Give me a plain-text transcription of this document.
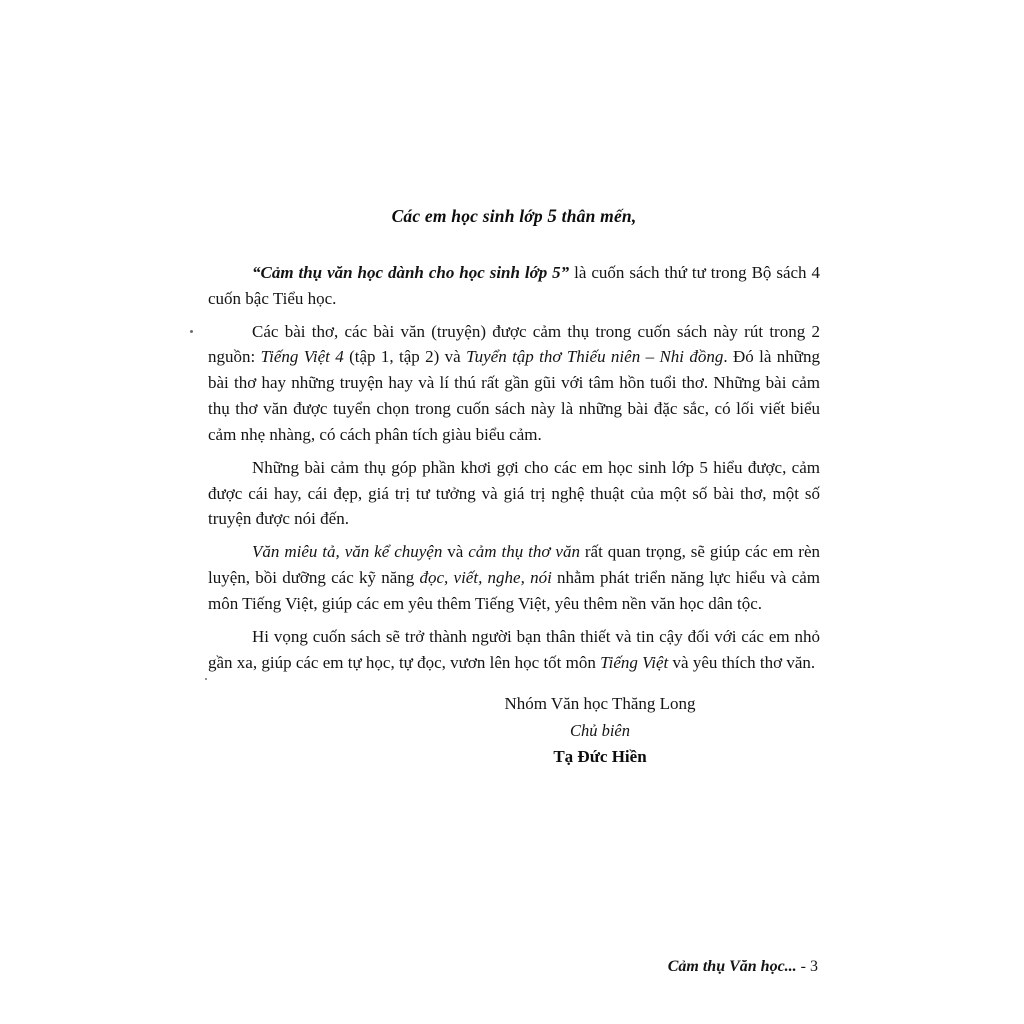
Các em học sinh lớp 5 thân mến,

“Cảm thụ văn học dành cho học sinh lớp 5” là cuốn sách thứ tư trong Bộ sách 4 cuốn bậc Tiểu học.

Các bài thơ, các bài văn (truyện) được cảm thụ trong cuốn sách này rút trong 2 nguồn: Tiếng Việt 4 (tập 1, tập 2) và Tuyển tập thơ Thiếu niên – Nhi đồng. Đó là những bài thơ hay những truyện hay và lí thú rất gần gũi với tâm hồn tuổi thơ. Những bài cảm thụ thơ văn được tuyển chọn trong cuốn sách này là những bài đặc sắc, có lối viết biểu cảm nhẹ nhàng, có cách phân tích giàu biểu cảm.

Những bài cảm thụ góp phần khơi gợi cho các em học sinh lớp 5 hiểu được, cảm được cái hay, cái đẹp, giá trị tư tưởng và giá trị nghệ thuật của một số bài thơ, một số truyện được nói đến.

Văn miêu tả, văn kể chuyện và cảm thụ thơ văn rất quan trọng, sẽ giúp các em rèn luyện, bồi dưỡng các kỹ năng đọc, viết, nghe, nói nhằm phát triển năng lực hiểu và cảm môn Tiếng Việt, giúp các em yêu thêm Tiếng Việt, yêu thêm nền văn học dân tộc.

Hi vọng cuốn sách sẽ trở thành người bạn thân thiết và tin cậy đối với các em nhỏ gần xa, giúp các em tự học, tự đọc, vươn lên học tốt môn Tiếng Việt và yêu thích thơ văn.

Nhóm Văn học Thăng Long
Chủ biên
Tạ Đức Hiền
Cảm thụ Văn học... - 3
